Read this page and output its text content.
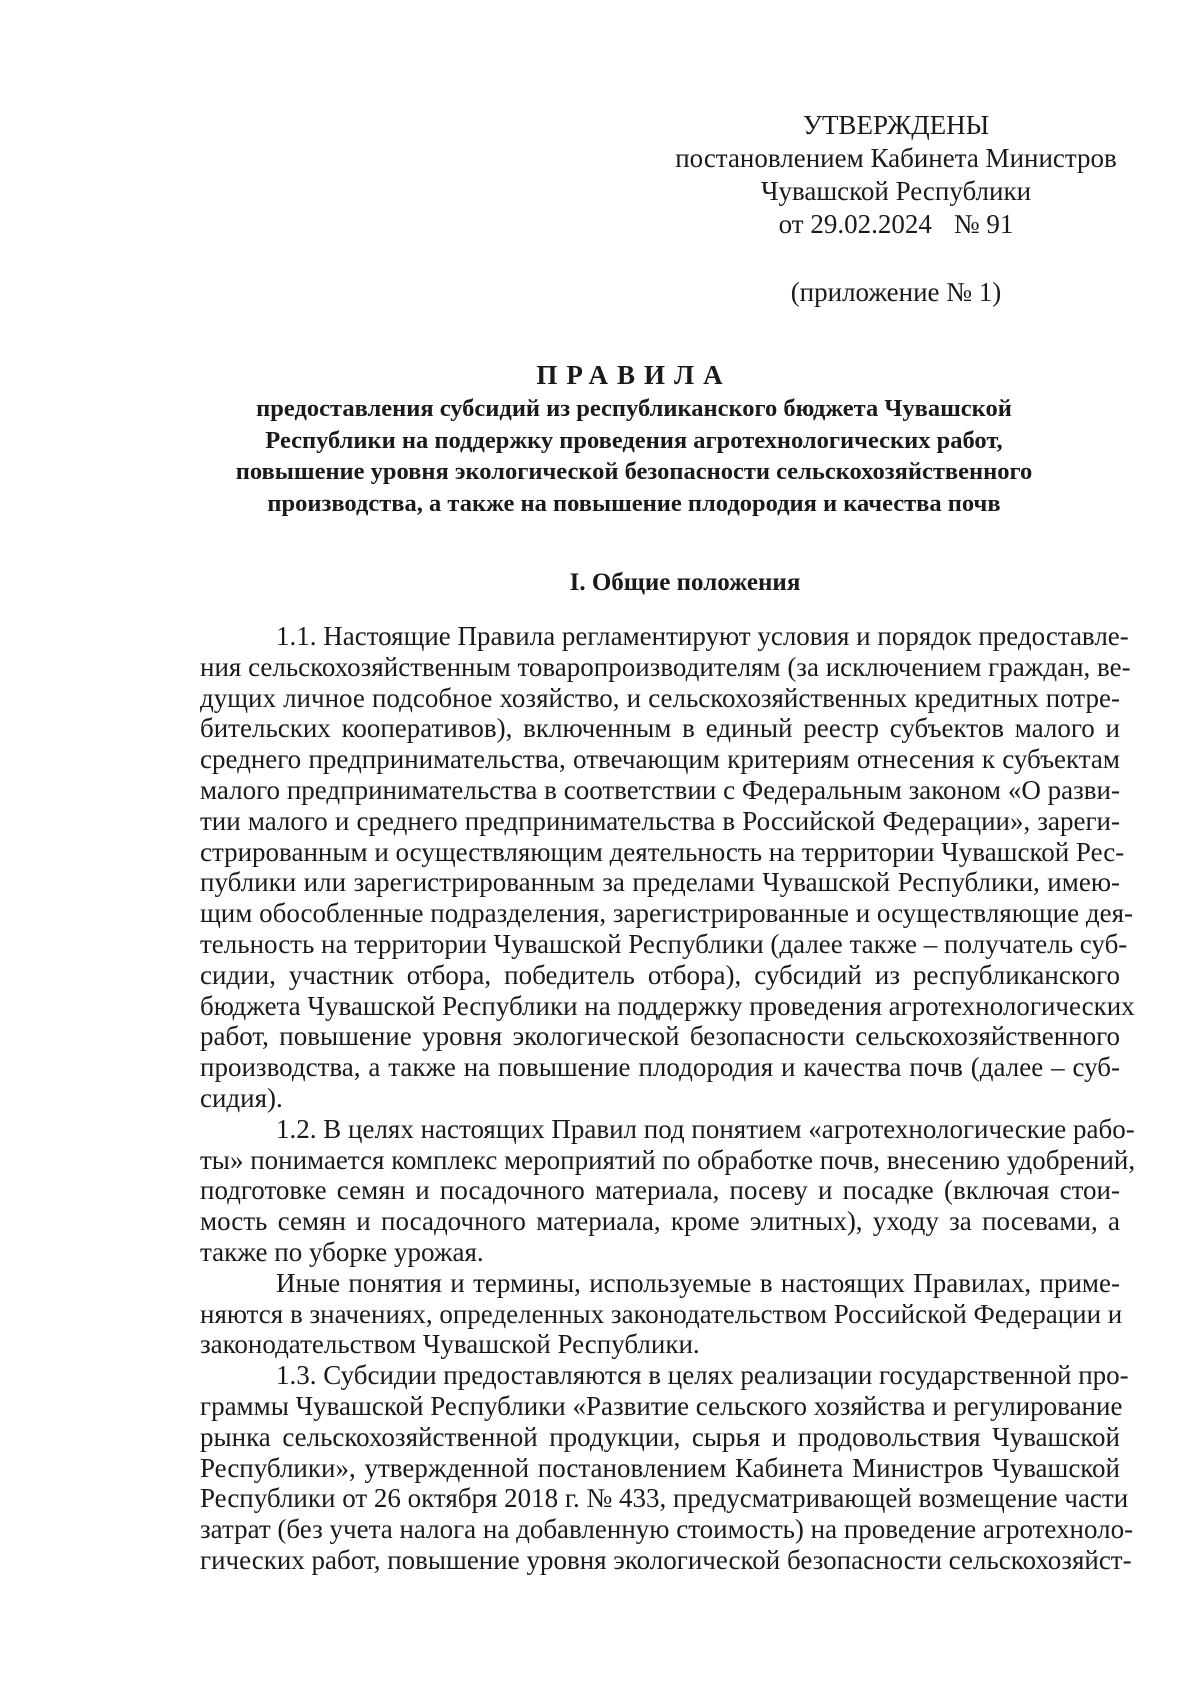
УТВЕРЖДЕНЫ
постановлением Кабинета Министров
Чувашской Республики
от 29.02.2024 № 91
(приложение № 1)
ПРАВИЛА
предоставления субсидий из республиканского бюджета Чувашской
Республики на поддержку проведения агротехнологических работ,
повышение уровня экологической безопасности сельскохозяйственного
производства, а также на повышение плодородия и качества почв
I. Общие положения
1.1. Настоящие Правила регламентируют условия и порядок предоставле-
ния сельскохозяйственным товаропроизводителям (за исключением граждан, ве-
дущих личное подсобное хозяйство, и сельскохозяйственных кредитных потре-
бительских кооперативов), включенным в единый реестр субъектов малого и
среднего предпринимательства, отвечающим критериям отнесения к субъектам
малого предпринимательства в соответствии с Федеральным законом «О разви-
тии малого и среднего предпринимательства в Российской Федерации», зареги-
стрированным и осуществляющим деятельность на территории Чувашской Рес-
публики или зарегистрированным за пределами Чувашской Республики, имею-
щим обособленные подразделения, зарегистрированные и осуществляющие дея-
тельность на территории Чувашской Республики (далее также – получатель суб-
сидии, участник отбора, победитель отбора), субсидий из республиканского
бюджета Чувашской Республики на поддержку проведения агротехнологических
работ, повышение уровня экологической безопасности сельскохозяйственного
производства, а также на повышение плодородия и качества почв (далее – суб-
сидия).
1.2. В целях настоящих Правил под понятием «агротехнологические рабо-
ты» понимается комплекс мероприятий по обработке почв, внесению удобрений,
подготовке семян и посадочного материала, посеву и посадке (включая стои-
мость семян и посадочного материала, кроме элитных), уходу за посевами, а
также по уборке урожая.
Иные понятия и термины, используемые в настоящих Правилах, приме-
няются в значениях, определенных законодательством Российской Федерации и
законодательством Чувашской Республики.
1.3. Субсидии предоставляются в целях реализации государственной про-
граммы Чувашской Республики «Развитие сельского хозяйства и регулирование
рынка сельскохозяйственной продукции, сырья и продовольствия Чувашской
Республики», утвержденной постановлением Кабинета Министров Чувашской
Республики от 26 октября 2018 г. № 433, предусматривающей возмещение части
затрат (без учета налога на добавленную стоимость) на проведение агротехноло-
гических работ, повышение уровня экологической безопасности сельскохозяйст-
